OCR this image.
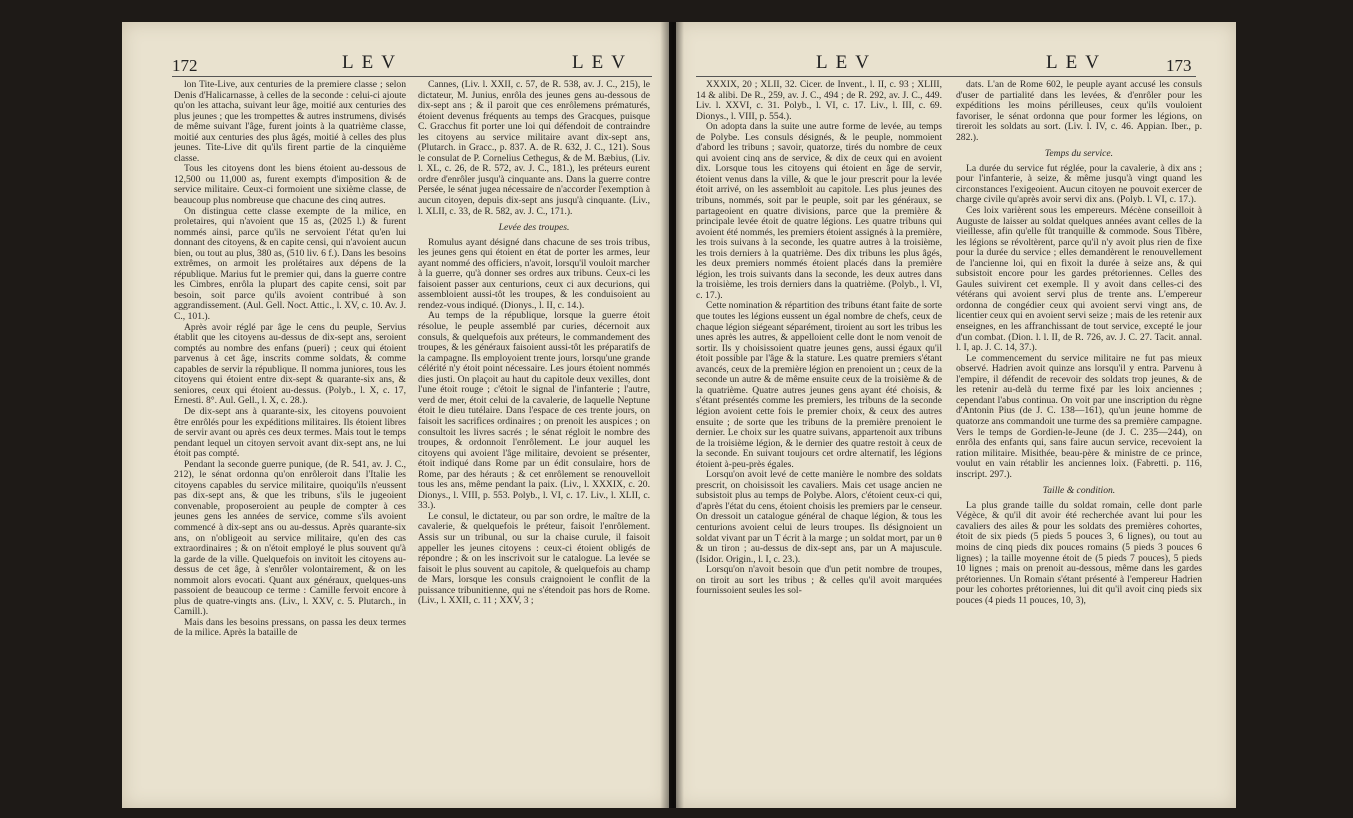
172	LEV	LEV

lon Tite-Live, aux centuries de la premiere classe ; selon Denis d'Halicarnasse, à celles de la seconde : celui-ci ajoute qu'on les attacha, suivant leur âge, moitié aux centuries des plus jeunes ; que les trompettes & autres instrumens, divisés de même suivant l'âge, furent joints à la quatrième classe, moitié aux centuries des plus âgés, moitié à celles des plus jeunes. Tite-Live dit qu'ils firent partie de la cinquième classe.

Tous les citoyens dont les biens étoient au-dessous de 12,500 ou 11,000 as, furent exempts d'imposition & de service militaire. Ceux-ci formoient une sixième classe, de beaucoup plus nombreuse que chacune des cinq autres.

On distingua cette classe exempte de la milice, en proletaires, qui n'avoient que 15 as, (2025 l.) & furent nommés ainsi, parce qu'ils ne servoient l'état qu'en lui donnant des citoyens, & en capite censi, qui n'avoient aucun bien, ou tout au plus, 380 as, (510 liv. 6 f.). Dans les besoins extrêmes, on armoit les prolétaires aux dépens de la république. Marius fut le premier qui, dans la guerre contre les Cimbres, enrôla la plupart des capite censi, soit par besoin, soit parce qu'ils avoient contribué à son aggrandissement. (Aul. Gell. Noct. Attic., l. XV, c. 10. Av. J. C., 101.).

Après avoir réglé par âge le cens du peuple, Servius établit que les citoyens au-dessus de dix-sept ans, seroient comptés au nombre des enfans (pueri) ; ceux qui étoient parvenus à cet âge, inscrits comme soldats, & comme capables de servir la république. Il nomma juniores, tous les citoyens qui étoient entre dix-sept & quarante-six ans, & seniores, ceux qui étoient au-dessus. (Polyb., l. X, c. 17, Ernesti. 8°. Aul. Gell., l. X, c. 28.).

De dix-sept ans à quarante-six, les citoyens pouvoient être enrôlés pour les expéditions militaires. Ils étoient libres de servir avant ou après ces deux termes. Mais tout le temps pendant lequel un citoyen servoit avant dix-sept ans, ne lui étoit pas compté.

Pendant la seconde guerre punique, (de R. 541, av. J. C., 212), le sénat ordonna qu'on enrôleroit dans l'Italie les citoyens capables du service militaire, quoiqu'ils n'eussent pas dix-sept ans, & que les tribuns, s'ils le jugeoient convenable, proposeroient au peuple de compter à ces jeunes gens les années de service, comme s'ils avoient commencé à dix-sept ans ou au-dessus. Après quarante-six ans, on n'obligeoit au service militaire, qu'en des cas extraordinaires ; & on n'étoit employé le plus souvent qu'à la garde de la ville. Quelquefois on invitoit les citoyens au-dessus de cet âge, à s'enrôler volontairement, & on les nommoit alors evocati. Quant aux généraux, quelques-uns passoient de beaucoup ce terme : Camille fervoit encore à plus de quatre-vingts ans. (Liv., l. XXV, c. 5. Plutarch., in Camill.).

Mais dans les besoins pressans, on passa les deux termes de la milice. Après la bataille de

Cannes, (Liv. l. XXII, c. 57, de R. 538, av. J. C., 215), le dictateur, M. Junius, enrôla des jeunes gens au-dessous de dix-sept ans ; & il paroit que ces enrôlemens prématurés, étoient devenus fréquents au temps des Gracques, puisque C. Gracchus fit porter une loi qui défendoit de contraindre les citoyens au service militaire avant dix-sept ans, (Plutarch. in Gracc., p. 837. A. de R. 632, J. C., 121). Sous le consulat de P. Cornelius Cethegus, & de M. Bæbius, (Liv. l. XL, c. 26, de R. 572, av. J. C., 181.), les préteurs eurent ordre d'enrôler jusqu'à cinquante ans. Dans la guerre contre Persée, le sénat jugea nécessaire de n'accorder l'exemption à aucun citoyen, depuis dix-sept ans jusqu'à cinquante. (Liv., l. XLII, c. 33, de R. 582, av. J. C., 171.).

Levée des troupes.

Romulus ayant désigné dans chacune de ses trois tribus, les jeunes gens qui étoient en état de porter les armes, leur ayant nommé des officiers, n'avoit, lorsqu'il vouloit marcher à la guerre, qu'à donner ses ordres aux tribuns. Ceux-ci les faisoient passer aux centurions, ceux ci aux decurions, qui assembloient aussi-tôt les troupes, & les conduisoient au rendez-vous indiqué. (Dionys., l. II, c. 14.).

Au temps de la république, lorsque la guerre étoit résolue, le peuple assemblé par curies, décernoit aux consuls, & quelquefois aux préteurs, le commandement des troupes, & les généraux faisoient aussi-tôt les préparatifs de la campagne. Ils employoient trente jours, lorsqu'une grande célérité n'y étoit point nécessaire. Les jours étoient nommés dies justi. On plaçoit au haut du capitole deux vexilles, dont l'une étoit rouge ; c'étoit le signal de l'infanterie ; l'autre, verd de mer, étoit celui de la cavalerie, de laquelle Neptune étoit le dieu tutélaire. Dans l'espace de ces trente jours, on faisoit les sacrifices ordinaires ; on prenoit les auspices ; on consultoit les livres sacrés ; le sénat régloit le nombre des troupes, & ordonnoit l'enrôlement. Le jour auquel les citoyens qui avoient l'âge militaire, devoient se présenter, étoit indiqué dans Rome par un édit consulaire, hors de Rome, par des hérauts ; & cet enrôlement se renouvelloit tous les ans, même pendant la paix. (Liv., l. XXXIX, c. 20. Dionys., l. VIII, p. 553. Polyb., l. VI, c. 17. Liv., l. XLII, c. 33.).

Le consul, le dictateur, ou par son ordre, le maître de la cavalerie, & quelquefois le préteur, faisoit l'enrôlement. Assis sur un tribunal, ou sur la chaise curule, il faisoit appeller les jeunes citoyens : ceux-ci étoient obligés de répondre ; & on les inscrivoit sur le catalogue. La levée se faisoit le plus souvent au capitole, & quelquefois au champ de Mars, lorsque les consuls craignoient le conflit de la puissance tribunitienne, qui ne s'étendoit pas hors de Rome. (Liv., l. XXII, c. 11 ; XXV, 3 ;

LEV	LEV	173

XXXIX, 20 ; XLII, 32. Cicer. de Invent., l. II, c. 93 ; XLIII, 14 & alibi. De R., 259, av. J. C., 494 ; de R. 292, av. J. C., 449. Liv. l. XXVI, c. 31. Polyb., l. VI, c. 17. Liv., l. III, c. 69. Dionys., l. VIII, p. 554.).

On adopta dans la suite une autre forme de levée, au temps de Polybe. Les consuls désignés, & le peuple, nommoient d'abord les tribuns ; savoir, quatorze, tirés du nombre de ceux qui avoient cinq ans de service, & dix de ceux qui en avoient dix. Lorsque tous les citoyens qui étoient en âge de servir, étoient venus dans la ville, & que le jour prescrit pour la levée étoit arrivé, on les assembloit au capitole. Les plus jeunes des tribuns, nommés, soit par le peuple, soit par les généraux, se partageoient en quatre divisions, parce que la première & principale levée étoit de quatre légions. Les quatre tribuns qui avoient été nommés, les premiers étoient assignés à la première, les trois suivans à la seconde, les quatre autres à la troisième, les trois derniers à la quatrième. Des dix tribuns les plus âgés, les deux premiers nommés étoient placés dans la première légion, les trois suivants dans la seconde, les deux autres dans la troisième, les trois derniers dans la quatrième. (Polyb., l. VI, c. 17.).

Cette nomination & répartition des tribuns étant faite de sorte que toutes les légions eussent un égal nombre de chefs, ceux de chaque légion siégeant séparément, tiroient au sort les tribus les unes après les autres, & appelloient celle dont le nom venoit de sortir. Ils y choisissoient quatre jeunes gens, aussi égaux qu'il étoit possible par l'âge & la stature. Les quatre premiers s'étant avancés, ceux de la première légion en prenoient un ; ceux de la seconde un autre & de même ensuite ceux de la troisième & de la quatrième. Quatre autres jeunes gens ayant été choisis, & s'étant présentés comme les premiers, les tribuns de la seconde légion avoient cette fois le premier choix, & ceux des autres ensuite ; de sorte que les tribuns de la première prenoient le dernier. Le choix sur les quatre suivans, appartenoit aux tribuns de la troisième légion, & le dernier des quatre restoit à ceux de la seconde. En suivant toujours cet ordre alternatif, les légions étoient à-peu-près égales.

Lorsqu'on avoit levé de cette manière le nombre des soldats prescrit, on choisissoit les cavaliers. Mais cet usage ancien ne subsistoit plus au temps de Polybe. Alors, c'étoient ceux-ci qui, d'après l'état du cens, étoient choisis les premiers par le censeur. On dressoit un catalogue général de chaque légion, & tous les centurions avoient celui de leurs troupes. Ils désignoient un soldat vivant par un T écrit à la marge ; un soldat mort, par un θ & un tiron ; au-dessus de dix-sept ans, par un A majuscule. (Isidor. Origin., l. I, c. 23.).

Lorsqu'on n'avoit besoin que d'un petit nombre de troupes, on tiroit au sort les tribus ; & celles qu'il avoit marquées fournissoient seules les sol-

dats. L'an de Rome 602, le peuple ayant accusé les consuls d'user de partialité dans les levées, & d'enrôler pour les expéditions les moins périlleuses, ceux qu'ils vouloient favoriser, le sénat ordonna que pour former les légions, on tireroit les soldats au sort. (Liv. l. IV, c. 46. Appian. Iber., p. 282.).

Temps du service.

La durée du service fut réglée, pour la cavalerie, à dix ans ; pour l'infanterie, à seize, & même jusqu'à vingt quand les circonstances l'exigeoient. Aucun citoyen ne pouvoit exercer de charge civile qu'après avoir servi dix ans. (Polyb. l. VI, c. 17.).

Ces loix varièrent sous les empereurs. Mécène conseilloit à Auguste de laisser au soldat quelques années avant celles de la vieillesse, afin qu'elle fût tranquille & commode. Sous Tibère, les légions se révoltèrent, parce qu'il n'y avoit plus rien de fixe pour la durée du service ; elles demandèrent le renouvellement de l'ancienne loi, qui en fixoit la durée à seize ans, & qui subsistoit encore pour les gardes prétoriennes. Celles des Gaules suivirent cet exemple. Il y avoit dans celles-ci des vétérans qui avoient servi plus de trente ans. L'empereur ordonna de congédier ceux qui avoient servi vingt ans, de licentier ceux qui en avoient servi seize ; mais de les retenir aux enseignes, en les affranchissant de tout service, excepté le jour d'un combat. (Dion. l. l. II, de R. 726, av. J. C. 27. Tacit. annal. l. I, ap. J. C. 14, 37.).

Le commencement du service militaire ne fut pas mieux observé. Hadrien avoit quinze ans lorsqu'il y entra. Parvenu à l'empire, il défendit de recevoir des soldats trop jeunes, & de les retenir au-delà du terme fixé par les loix anciennes ; cependant l'abus continua. On voit par une inscription du règne d'Antonin Pius (de J. C. 138—161), qu'un jeune homme de quatorze ans commandoit une turme des sa première campagne. Vers le temps de Gordien-le-Jeune (de J. C. 235—244), on enrôla des enfants qui, sans faire aucun service, recevoient la ration militaire. Misithée, beau-père & ministre de ce prince, voulut en vain rétablir les anciennes loix. (Fabretti. p. 116, inscript. 297.).

Taille & condition.

La plus grande taille du soldat romain, celle dont parle Végèce, & qu'il dit avoir été recherchée avant lui pour les cavaliers des ailes & pour les soldats des premières cohortes, étoit de six pieds (5 pieds 5 pouces 3, 6 lignes), ou tout au moins de cinq pieds dix pouces romains (5 pieds 3 pouces 6 lignes) ; la taille moyenne étoit de (5 pieds 7 pouces), 5 pieds 10 lignes ; mais on prenoit au-dessous, même dans les gardes prétoriennes. Un Romain s'étant présenté à l'empereur Hadrien pour les cohortes prétoriennes, lui dit qu'il avoit cinq pieds six pouces (4 pieds 11 pouces, 10, 3),
